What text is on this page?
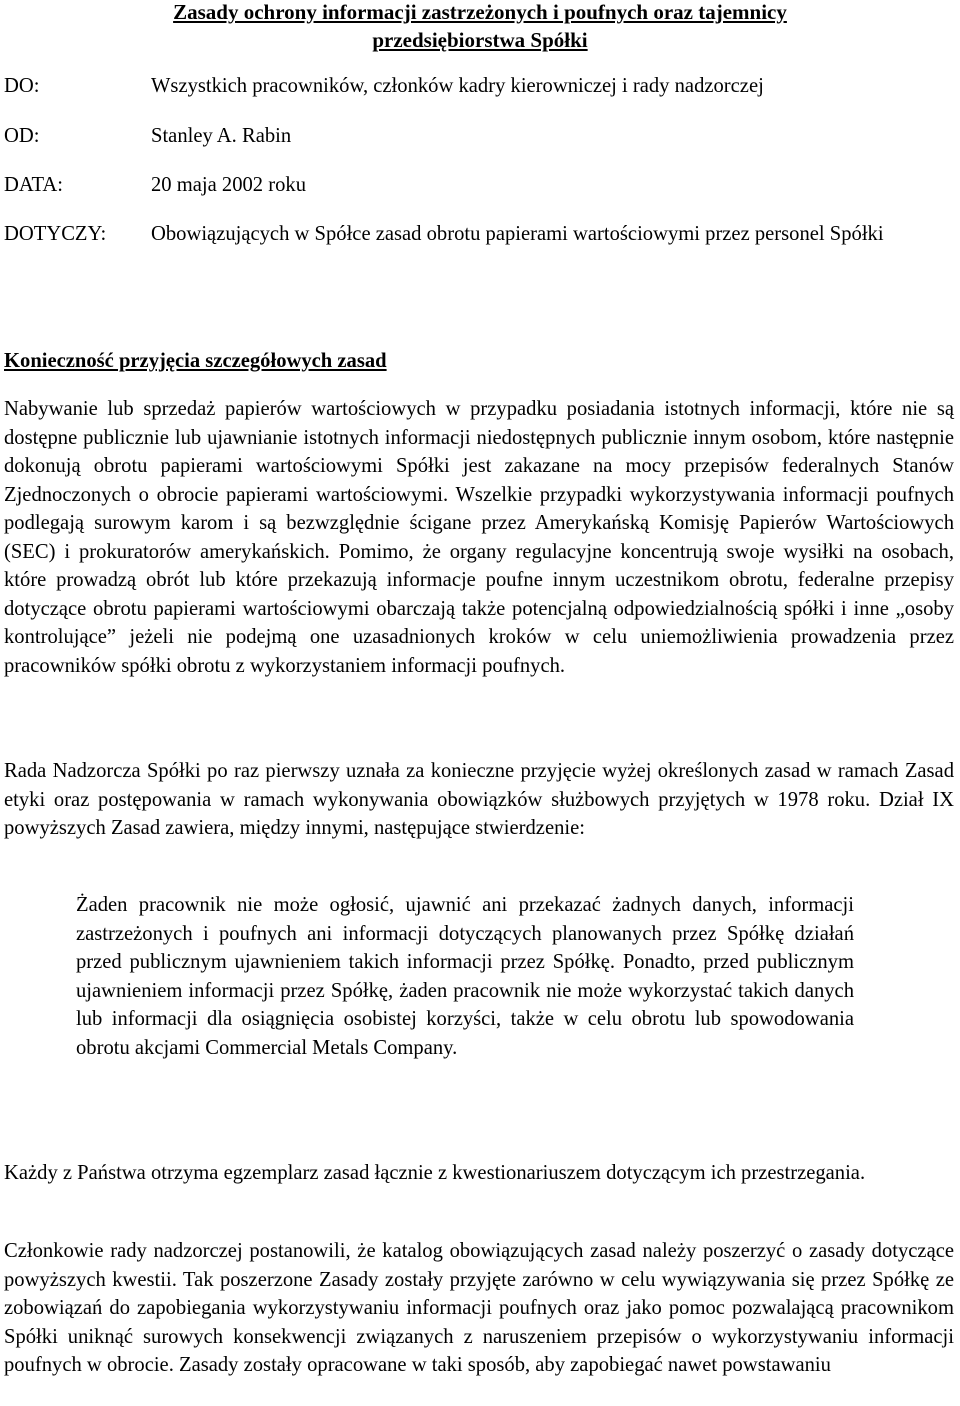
Zasady ochrony informacji zastrzeżonych i poufnych oraz tajemnicy
przedsiębiorstwa Spółki
DO:	Wszystkich pracowników, członków kadry kierowniczej i rady nadzorczej
OD:	Stanley A. Rabin
DATA:	20 maja 2002 roku
DOTYCZY: Obowiązujących w Spółce zasad obrotu papierami wartościowymi przez personel Spółki
Konieczność przyjęcia szczegółowych zasad
Nabywanie lub sprzedaż papierów wartościowych w przypadku posiadania istotnych informacji, które nie są dostępne publicznie lub ujawnianie istotnych informacji niedostępnych publicznie innym osobom, które następnie dokonują obrotu papierami wartościowymi Spółki jest zakazane na mocy przepisów federalnych Stanów Zjednoczonych o obrocie papierami wartościowymi. Wszelkie przypadki wykorzystywania informacji poufnych podlegają surowym karom i są bezwzględnie ścigane przez Amerykańską Komisję Papierów Wartościowych (SEC) i prokuratorów amerykańskich. Pomimo, że organy regulacyjne koncentrują swoje wysiłki na osobach, które prowadzą obrót lub które przekazują informacje poufne innym uczestnikom obrotu, federalne przepisy dotyczące obrotu papierami wartościowymi obarczają także potencjalną odpowiedzialnością spółki i inne „osoby kontrolujące” jeżeli nie podejmą one uzasadnionych kroków w celu uniemożliwienia prowadzenia przez pracowników spółki obrotu z wykorzystaniem informacji poufnych.
Rada Nadzorcza Spółki po raz pierwszy uznała za konieczne przyjęcie wyżej określonych zasad w ramach Zasad etyki oraz postępowania w ramach wykonywania obowiązków służbowych przyjętych w 1978 roku. Dział IX powyższych Zasad zawiera, między innymi, następujące stwierdzenie:
Żaden pracownik nie może ogłosić, ujawnić ani przekazać żadnych danych, informacji zastrzeżonych i poufnych ani informacji dotyczących planowanych przez Spółkę działań przed publicznym ujawnieniem takich informacji przez Spółkę. Ponadto, przed publicznym ujawnieniem informacji przez Spółkę, żaden pracownik nie może wykorzystać takich danych lub informacji dla osiągnięcia osobistej korzyści, także w celu obrotu lub spowodowania obrotu akcjami Commercial Metals Company.
Każdy z Państwa otrzyma egzemplarz zasad łącznie z kwestionariuszem dotyczącym ich przestrzegania.
Członkowie rady nadzorczej postanowili, że katalog obowiązujących zasad należy poszerzyć o zasady dotyczące powyższych kwestii. Tak poszerzone Zasady zostały przyjęte zarówno w celu wywiązywania się przez Spółkę ze zobowiązań do zapobiegania wykorzystywaniu informacji poufnych oraz jako pomoc pozwalającą pracownikom Spółki uniknąć surowych konsekwencji związanych z naruszeniem przepisów o wykorzystywaniu informacji poufnych w obrocie. Zasady zostały opracowane w taki sposób, aby zapobiegać nawet powstawaniu
